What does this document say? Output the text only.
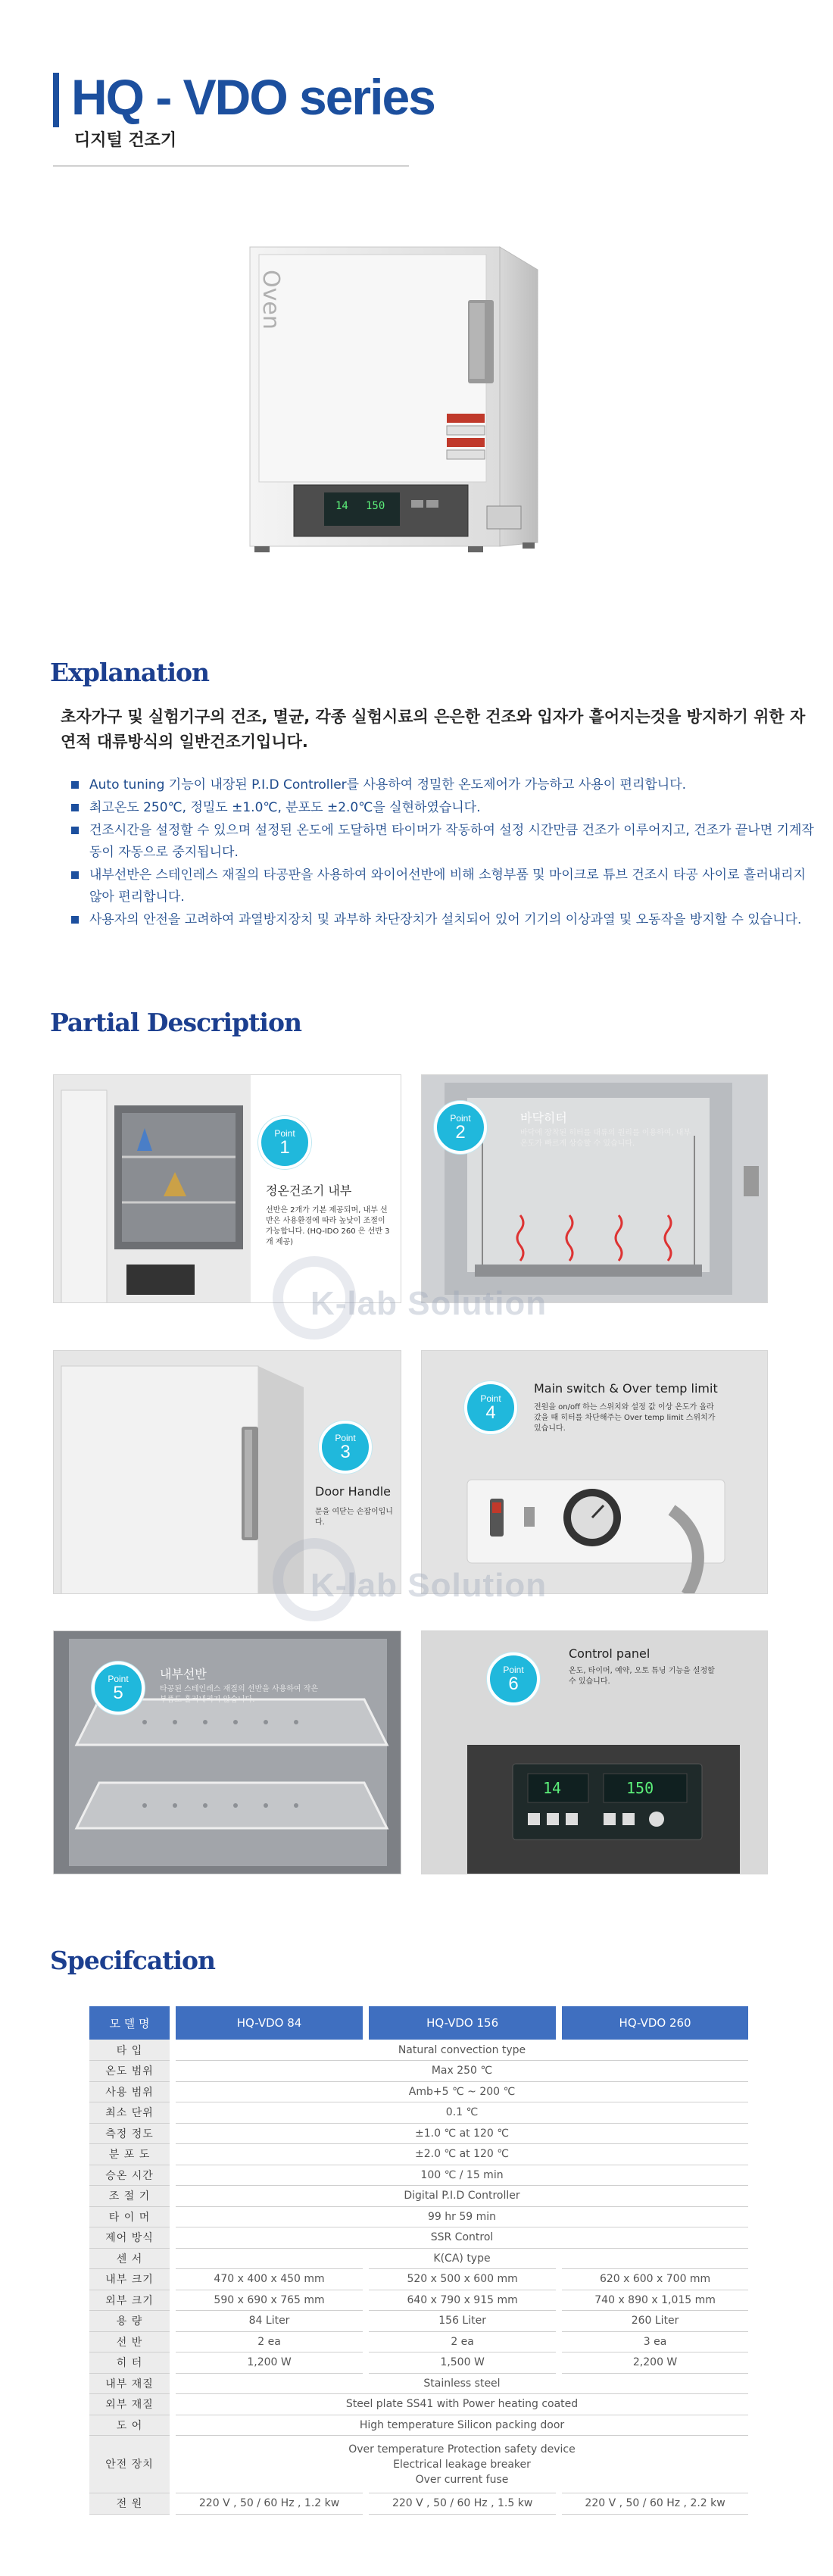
HQ - VDO series
디지털 건조기
Oven
14 150
Explanation
초자가구 및 실험기구의 건조, 멸균, 각종 실험시료의 은은한 건조와 입자가 흩어지는것을 방지하기 위한 자연적 대류방식의 일반건조기입니다.
Auto tuning 기능이 내장된 P.I.D Controller를 사용하여 정밀한 온도제어가 가능하고 사용이 편리합니다.
최고온도 250℃, 정밀도 ±1.0℃, 분포도 ±2.0℃을 실현하였습니다.
건조시간을 설정할 수 있으며 설정된 온도에 도달하면 타이머가 작동하여 설정 시간만큼 건조가 이루어지고, 건조가 끝나면 기계작동이 자동으로 중지됩니다.
내부선반은 스테인레스 재질의 타공판을 사용하여 와이어선반에 비해 소형부품 및 마이크로 튜브 건조시 타공 사이로 흘러내리지 않아 편리합니다.
사용자의 안전을 고려하여 과열방지장치 및 과부하 차단장치가 설치되어 있어 기기의 이상과열 및 오동작을 방지할 수 있습니다.
Partial Description
Point
1
정온건조기 내부
선반은 2개가 기본 제공되며, 내부 선반은 사용환경에 따라 높낮이 조절이 가능합니다. (HQ-IDO 260 은 선반 3개 제공)
Point
2
바닥히터
바닥에 장착된 히터를 대류의 원리를 이용하여, 내부 온도가 빠르게 상승할 수 있습니다.
K-lab Solution
Point
3
Door Handle
문을 여닫는 손잡이입니다.
Point
4
Main switch & Over temp limit
전원을 on/off 하는 스위치와 설정 값 이상 온도가 올라갔을 때 히터를 차단해주는 Over temp limit 스위치가 있습니다.
K-lab Solution
Point
5
내부선반
타공된 스테인레스 재질의 선반을 사용하여 작은 부품도 흘러내리지 않습니다.
14	150
Point
6
Control panel
온도, 타이머, 예약, 오토 튜닝 기능을 설정할 수 있습니다.
Specifcation
모 델 명	HQ-VDO 84	HQ-VDO 156	HQ-VDO 260
타 입	Natural convection type		
온도 범위	Max 250 ℃		
사용 범위	Amb+5 ℃ ~ 200 ℃		
최소 단위	0.1 ℃		
측정 정도	±1.0 ℃ at 120 ℃		
분 포 도	±2.0 ℃ at 120 ℃		
승온 시간	100 ℃ / 15 min		
조 절 기	Digital P.I.D Controller		
타 이 머	99 hr 59 min		
제어 방식	SSR Control		
센 서	K(CA) type		
내부 크기	470 x 400 x 450 mm	520 x 500 x 600 mm	620 x 600 x 700 mm
외부 크기	590 x 690 x 765 mm	640 x 790 x 915 mm	740 x 890 x 1,015 mm
용 량	84 Liter	156 Liter	260 Liter
선 반	2 ea	2 ea	3 ea
히 터	1,200 W	1,500 W	2,200 W
내부 재질	Stainless steel		
외부 재질	Steel plate SS41 with Power heating coated		
도 어	High temperature Silicon packing door		
안전 장치	Over temperature Protection safety device
Electrical leakage breaker
Over current fuse		

전 원	220 V , 50 / 60 Hz , 1.2 kw	220 V , 50 / 60 Hz , 1.5 kw	220 V , 50 / 60 Hz , 2.2 kw
